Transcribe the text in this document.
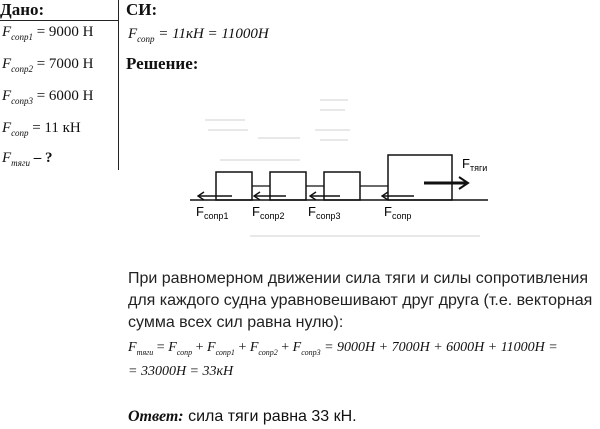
Дано:
$F_{сопр1} = 9000$ Н
$F_{сопр2} = 7000$ Н
$F_{сопр3} = 6000$ Н
$F_{сопр} = 11$ кН
$F_{тяги}$ – ?
СИ:
$F_{сопр} = 11кН = 11000Н$
Решение:
$F_{сопр1}$ $F_{сопр2}$ $F_{сопр3}$	$F_{сопр}$
$F_{тяги}$
При равномерном движении сила тяги и силы сопротивления
для каждого судна уравновешивают друг друга (т.е. векторная
сумма всех сил равна нулю):
$F_{тяги} = F_{сопр} + F_{сопр1} + F_{сопр2} + F_{сопр3} = 9000H + 7000H + 6000H + 11000H$ =
= 33000H = 33кН
Ответ: сила тяги равна 33 кН.
